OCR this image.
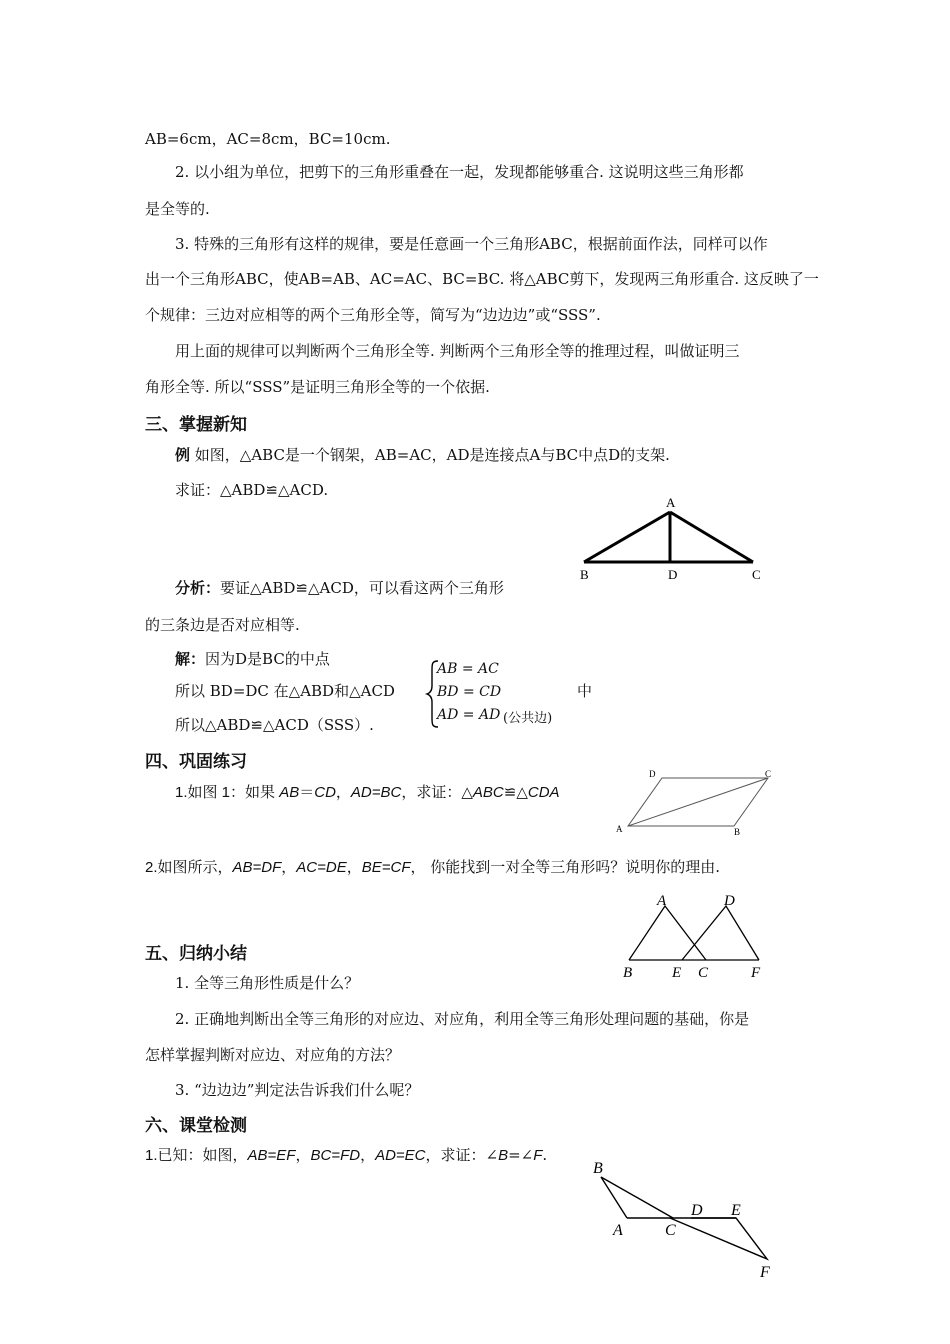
AB=6cm，AC=8cm，BC=10cm.
2. 以小组为单位，把剪下的三角形重叠在一起，发现都能够重合. 这说明这些三角形都
是全等的.
3. 特殊的三角形有这样的规律，要是任意画一个三角形ABC，根据前面作法，同样可以作
出一个三角形ABC，使AB=AB、AC=AC、BC=BC. 将△ABC剪下，发现两三角形重合. 这反映了一
个规律：三边对应相等的两个三角形全等，简写为“边边边”或“SSS”.
用上面的规律可以判断两个三角形全等. 判断两个三角形全等的推理过程，叫做证明三
角形全等. 所以“SSS”是证明三角形全等的一个依据.
三、掌握新知
例 如图，△ABC是一个钢架，AB=AC，AD是连接点A与BC中点D的支架.
求证：△ABD≌△ACD.
A
B	D	C
分析：要证△ABD≌△ACD，可以看这两个三角形
的三条边是否对应相等.
解：因为D是BC的中点
所以 BD=DC 在△ABD和△ACD
AB = AC
BD = CD
AD = AD (公共边)
中
所以△ABD≌△ACD（SSS）.
四、巩固练习
1.如图 1：如果 AB＝CD，AD=BC，求证：△ABC≌△CDA
A	B
C
D
2.如图所示，AB=DF，AC=DE，BE=CF， 你能找到一对全等三角形吗？说明你的理由.
A	D
B	E C	F
五、归纳小结
1. 全等三角形性质是什么？
2. 正确地判断出全等三角形的对应边、对应角，利用全等三角形处理问题的基础，你是
怎样掌握判断对应边、对应角的方法？
3. “边边边”判定法告诉我们什么呢？
六、课堂检测
1.已知：如图，AB=EF，BC=FD，AD=EC，求证：∠B=∠F.
B
A	C
D E
F
